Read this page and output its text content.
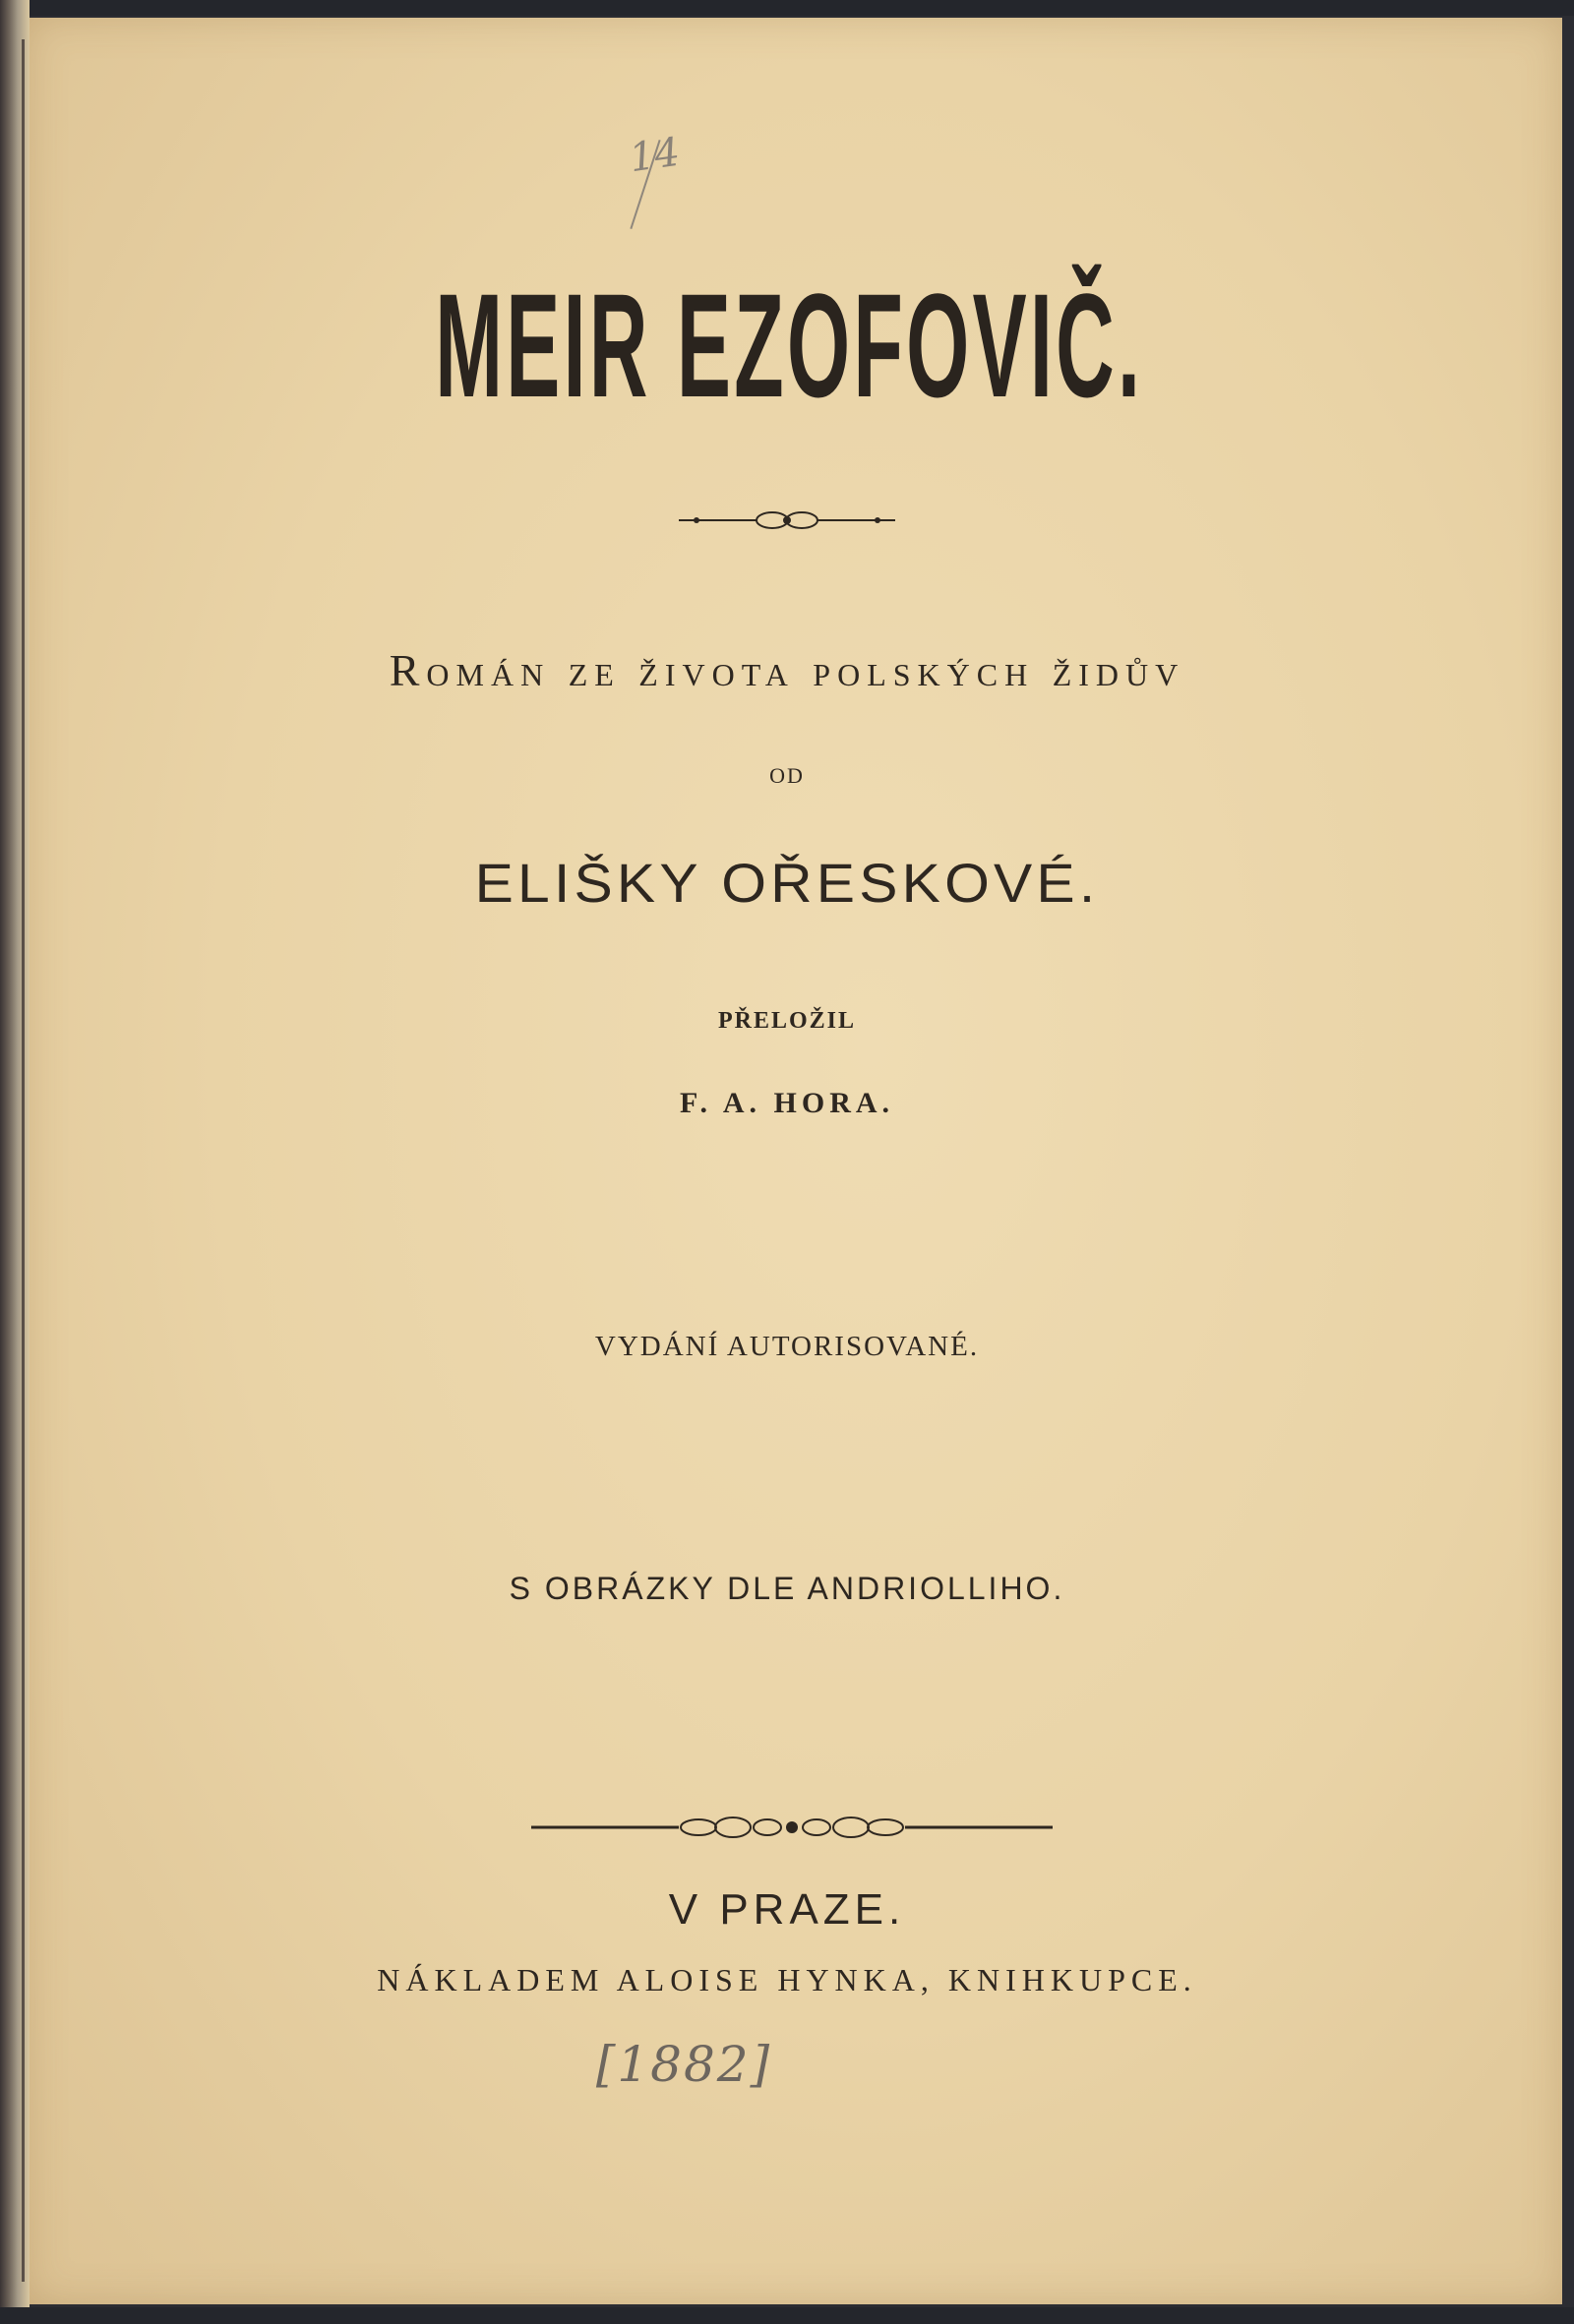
14
MEIR EZOFOVIČ.
Román ze života polských židův
OD
ELIŠKY OŘESKOVÉ.
PŘELOŽIL
F. A. HORA.
VYDÁNÍ AUTORISOVANÉ.
S OBRÁZKY DLE ANDRIOLLIHO.
V PRAZE.
NÁKLADEM ALOISE HYNKA, KNIHKUPCE.
[1882]
